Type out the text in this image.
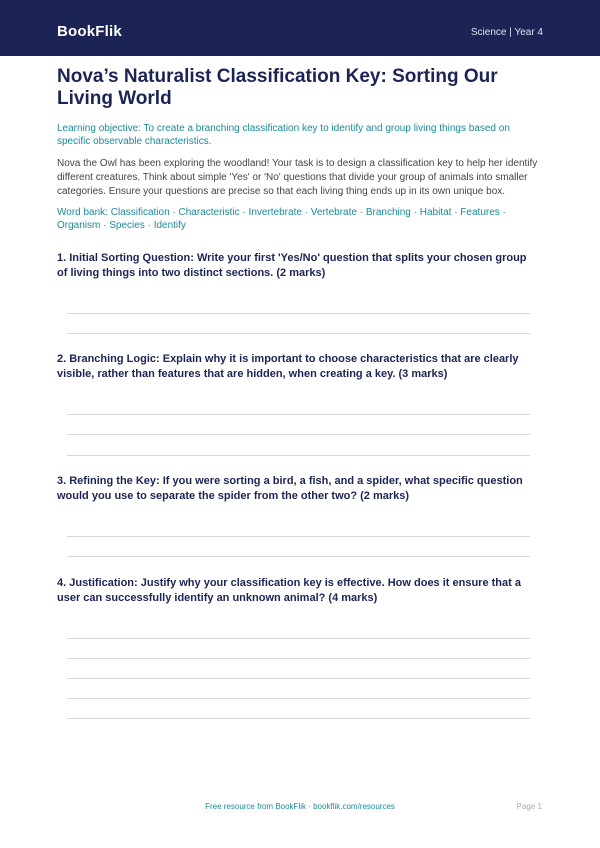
BookFlik	Science | Year 4
Nova’s Naturalist Classification Key: Sorting Our Living World
Learning objective: To create a branching classification key to identify and group living things based on specific observable characteristics.
Nova the Owl has been exploring the woodland! Your task is to design a classification key to help her identify different creatures. Think about simple 'Yes' or 'No' questions that divide your group of animals into smaller categories. Ensure your questions are precise so that each living thing ends up in its own unique box.
Word bank: Classification · Characteristic · Invertebrate · Vertebrate · Branching · Habitat · Features · Organism · Species · Identify
1. Initial Sorting Question: Write your first 'Yes/No' question that splits your chosen group of living things into two distinct sections. (2 marks)
2. Branching Logic: Explain why it is important to choose characteristics that are clearly visible, rather than features that are hidden, when creating a key. (3 marks)
3. Refining the Key: If you were sorting a bird, a fish, and a spider, what specific question would you use to separate the spider from the other two? (2 marks)
4. Justification: Justify why your classification key is effective. How does it ensure that a user can successfully identify an unknown animal? (4 marks)
Free resource from BookFlik · bookflik.com/resources	Page 1
